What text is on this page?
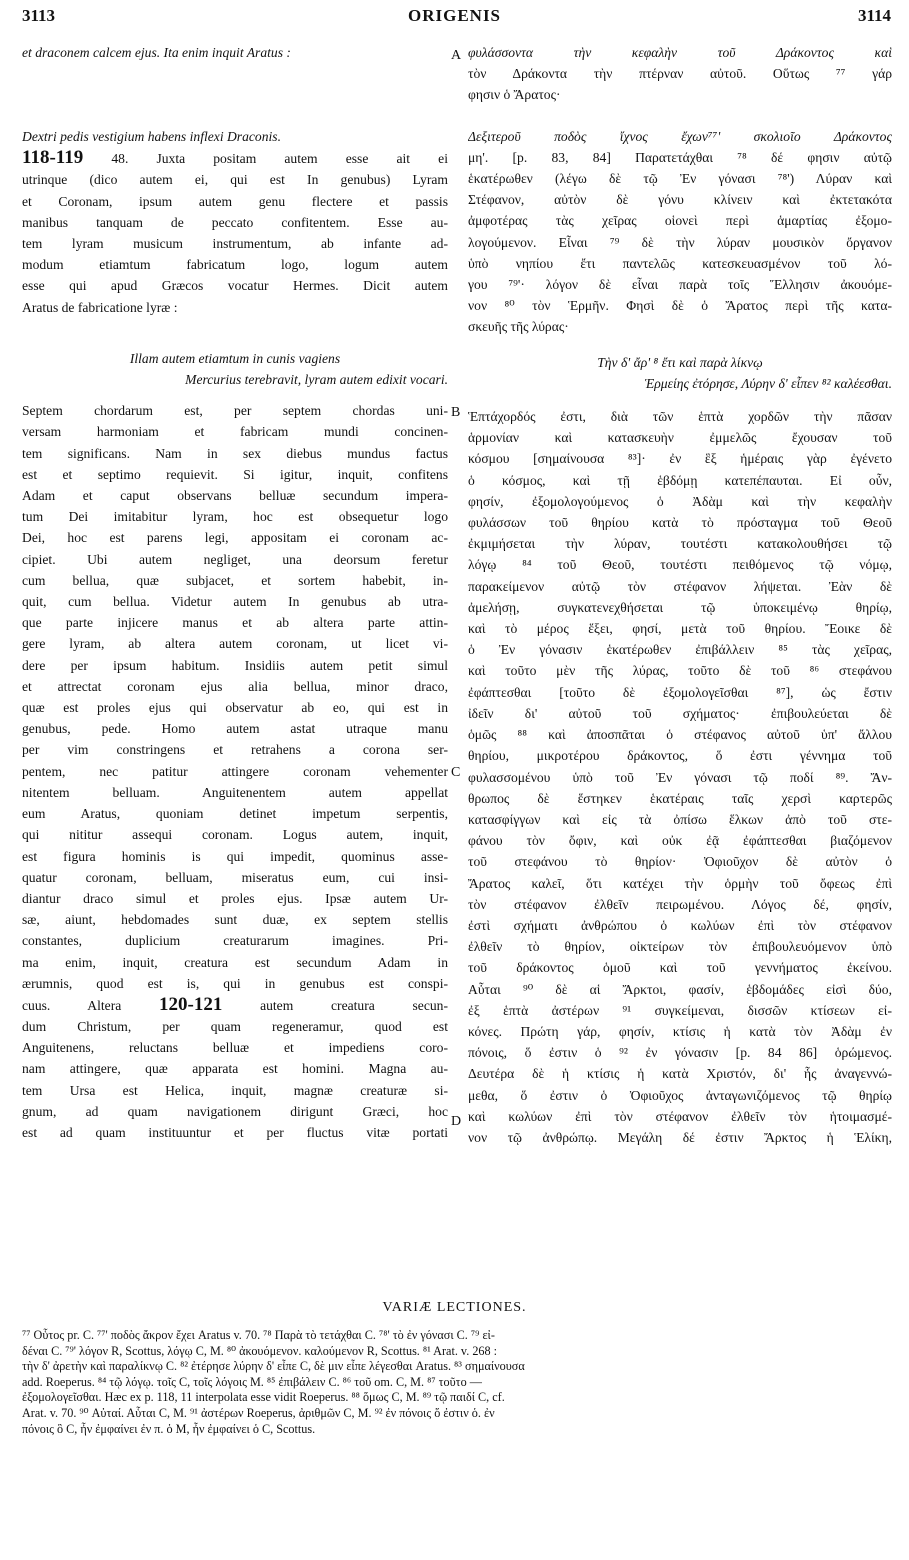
3113	ORIGENIS	3114
A
B
C
D
et draconem calcem ejus. Ita enim inquit Aratus :
Dextri pedis vestigium habens inflexi Draconis.
118-119 48. Juxta positam autem esse ait ei
utrinque (dico autem ei, qui est In genubus) Lyram
et Coronam, ipsum autem genu flectere et passis
manibus tanquam de peccato confitentem. Esse au-
tem lyram musicum instrumentum, ab infante ad-
modum etiamtum fabricatum logo, logum autem
esse qui apud Græcos vocatur Hermes. Dicit autem
Aratus de fabricatione lyræ :
Illam autem etiamtum in cunis vagiens
Mercurius terebravit, lyram autem edixit vocari.
Septem chordarum est, per septem chordas uni-
versam harmoniam et fabricam mundi concinen-
tem significans. Nam in sex diebus mundus factus
est et septimo requievit. Si igitur, inquit, confitens
Adam et caput observans belluæ secundum impera-
tum Dei imitabitur lyram, hoc est obsequetur logo
Dei, hoc est parens legi, appositam ei coronam ac-
cipiet. Ubi autem negliget, una deorsum feretur
cum bellua, quæ subjacet, et sortem habebit, in-
quit, cum bellua. Videtur autem In genubus ab utra-
que parte injicere manus et ab altera parte attin-
gere lyram, ab altera autem coronam, ut licet vi-
dere per ipsum habitum. Insidiis autem petit simul
et attrectat coronam ejus alia bellua, minor draco,
quæ est proles ejus qui observatur ab eo, qui est in
genubus, pede. Homo autem astat utraque manu
per vim constringens et retrahens a corona ser-
pentem, nec patitur attingere coronam vehementer
nitentem belluam. Anguitenentem autem appellat
eum Aratus, quoniam detinet impetum serpentis,
qui nititur assequi coronam. Logus autem, inquit,
est figura hominis is qui impedit, quominus asse-
quatur coronam, belluam, miseratus eum, cui insi-
diantur draco simul et proles ejus. Ipsæ autem Ur-
sæ, aiunt, hebdomades sunt duæ, ex septem stellis
constantes, duplicium creaturarum imagines. Pri-
ma enim, inquit, creatura est secundum Adam in
ærumnis, quod est is, qui in genubus est conspi-
cuus. Altera 120-121	autem creatura secun-
dum Christum, per quam regeneramur, quod est
Anguitenens, reluctans belluæ et impediens coro-
nam attingere, quæ apparata est homini. Magna au-
tem Ursa est Helica, inquit, magnæ creaturæ si-
gnum, ad quam navigationem dirigunt Græci, hoc
est ad quam instituuntur et per fluctus vitæ portati
φυλάσσοντα τὴν κεφαλὴν τοῦ Δράκοντος καὶ
τὸν Δράκοντα τὴν πτέρναν αὐτοῦ. Οὕτως ⁷⁷ γάρ
φησιν ὁ Ἄρατος·
Δεξιτεροῦ ποδὸς ἴχνος ἔχων⁷⁷' σκολιοῖο Δράκοντος
μη'. [p. 83, 84] Παρατετάχθαι ⁷⁸ δέ φησιν αὐτῷ
ἑκατέρωθεν (λέγω δὲ τῷ Ἐν γόνασι ⁷⁸') Λύραν καὶ
Στέφανον, αὐτὸν δὲ γόνυ κλίνειν καὶ ἐκτετακότα
ἀμφοτέρας τὰς χεῖρας οἱονεὶ περὶ ἁμαρτίας ἐξομο-
λογούμενον. Εἶναι ⁷⁹ δὲ τὴν λύραν μουσικὸν ὄργανον
ὑπὸ νηπίου ἔτι παντελῶς κατεσκευασμένον τοῦ λό-
γου ⁷⁹'· λόγον δὲ εἶναι παρὰ τοῖς Ἕλλησιν ἀκουόμε-
νον ⁸⁰ τὸν Ἑρμῆν. Φησὶ δὲ ὁ Ἄρατος περὶ τῆς κατα-
σκευῆς τῆς λύρας·
Τὴν δ' ἄρ' ⁸ ἔτι καὶ παρὰ λίκνῳ
Ἑρμείης ἐτόρησε, Λύρην δ' εἶπεν ⁸² καλέεσθαι.
Ἑπτάχορδός ἐστι, διὰ τῶν ἑπτὰ χορδῶν τὴν πᾶσαν
ἁρμονίαν καὶ κατασκευὴν ἐμμελῶς ἔχουσαν τοῦ
κόσμου [σημαίνουσα ⁸³]· ἐν ἓξ ἡμέραις γὰρ ἐγένετο
ὁ κόσμος, καὶ τῇ ἑβδόμῃ κατεπέπαυται. Εἰ οὖν,
φησίν, ἐξομολογούμενος ὁ Ἀδὰμ καὶ τὴν κεφαλὴν
φυλάσσων τοῦ θηρίου κατὰ τὸ πρόσταγμα τοῦ Θεοῦ
ἐκμιμήσεται τὴν λύραν, τουτέστι κατακολουθήσει τῷ
λόγῳ ⁸⁴ τοῦ Θεοῦ, τουτέστι πειθόμενος τῷ νόμῳ,
παρακείμενον αὐτῷ τὸν στέφανον λήψεται. Ἐὰν δὲ
ἀμελήσῃ, συγκατενεχθήσεται τῷ ὑποκειμένῳ θηρίῳ,
καὶ τὸ μέρος ἕξει, φησί, μετὰ τοῦ θηρίου. Ἔοικε δὲ
ὁ Ἐν γόνασιν ἑκατέρωθεν ἐπιβάλλειν ⁸⁵ τὰς χεῖρας,
καὶ τοῦτο μὲν τῆς λύρας, τοῦτο δὲ τοῦ ⁸⁶ στεφάνου
ἐφάπτεσθαι [τοῦτο δὲ ἐξομολογεῖσθαι ⁸⁷], ὡς ἔστιν
ἰδεῖν δι' αὐτοῦ τοῦ σχήματος· ἐπιβουλεύεται δὲ
ὁμῶς ⁸⁸ καὶ ἀποσπᾶται ὁ στέφανος αὐτοῦ ὑπ' ἄλλου
θηρίου, μικροτέρου δράκοντος, ὅ ἐστι γέννημα τοῦ
φυλασσομένου ὑπὸ τοῦ Ἐν γόνασι τῷ ποδί ⁸⁹. Ἄν-
θρωπος δὲ ἕστηκεν ἑκατέραις ταῖς χερσὶ καρτερῶς
κατασφίγγων καὶ εἰς τὰ ὀπίσω ἕλκων ἀπὸ τοῦ στε-
φάνου τὸν ὄφιν, καὶ οὐκ ἐᾷ ἐφάπτεσθαι βιαζόμενον
τοῦ στεφάνου τὸ θηρίον· Ὀφιοῦχον δὲ αὐτὸν ὁ
Ἄρατος καλεῖ, ὅτι κατέχει τὴν ὁρμὴν τοῦ ὄφεως ἐπὶ
τὸν στέφανον ἐλθεῖν πειρωμένου. Λόγος δέ, φησίν,
ἐστὶ σχήματι ἀνθρώπου ὁ κωλύων ἐπὶ τὸν στέφανον
ἐλθεῖν τὸ θηρίον, οἰκτείρων τὸν ἐπιβουλευόμενον ὑπὸ
τοῦ δράκοντος ὁμοῦ καὶ τοῦ γεννήματος ἐκείνου.
Αὗται ⁹⁰ δὲ αἱ Ἄρκτοι, φασίν, ἑβδομάδες εἰσὶ δύο,
ἐξ ἑπτὰ ἀστέρων ⁹¹ συγκείμεναι, δισσῶν κτίσεων εἰ-
κόνες. Πρώτη γάρ, φησίν, κτίσις ἡ κατὰ τὸν Ἀδὰμ ἐν
πόνοις, ὅ ἐστιν ὁ ⁹² ἐν γόνασιν [p. 84 86] ὁρώμενος.
Δευτέρα δὲ ἡ κτίσις ἡ κατὰ Χριστόν, δι' ἧς ἀναγεννώ-
μεθα, ὅ ἐστιν ὁ Ὀφιοῦχος ἀνταγωνιζόμενος τῷ θηρίῳ
καὶ κωλύων ἐπὶ τὸν στέφανον ἐλθεῖν τὸν ἡτοιμασμέ-
νον τῷ ἀνθρώπῳ. Μεγάλη δέ ἐστιν Ἄρκτος ἡ Ἑλίκη,
VARIÆ LECTIONES.
⁷⁷ Οὗτος pr. C. ⁷⁷' ποδὸς ἄκρον ἔχει Aratus v. 70. ⁷⁸ Παρὰ τὸ τετάχθαι C. ⁷⁸' τὸ ἐν γόνασι C. ⁷⁹ εἰ-
δέναι C. ⁷⁹' λόγον R, Scottus, λόγῳ C, M. ⁸⁰ ἀκουόμενον. καλούμενον R, Scottus. ⁸¹ Arat. v. 268 :
τὴν δ' ἀρετὴν καὶ παραλίκνῳ C. ⁸² ἐτέρησε λύρην δ' εἶπε C, δὲ μιν εἶπε λέγεσθαι Aratus. ⁸³ σημαίνουσα
add. Roeperus. ⁸⁴ τῷ λόγῳ. τοῖς C, τοῖς λόγοις M. ⁸⁵ ἐπιβάλειν C. ⁸⁶ τοῦ om. C, M. ⁸⁷ τοῦτο —
ἐξομολογεῖσθαι. Hæc ex p. 118, 11 interpolata esse vidit Roeperus. ⁸⁸ ὅμως C, M. ⁸⁹ τῷ παιδί C, cf.
Arat. v. 70. ⁹⁰ Αὐταί. Αὗται C, M. ⁹¹ ἀστέρων Roeperus, ἀριθμῶν C, M. ⁹² ἐν πόνοις ὅ ἐστιν ὁ. ἐν
πόνοις ὃ C, ἦν ἐμφαίνει ἐν π. ὁ M, ἦν ἐμφαίνει ὁ C, Scottus.
